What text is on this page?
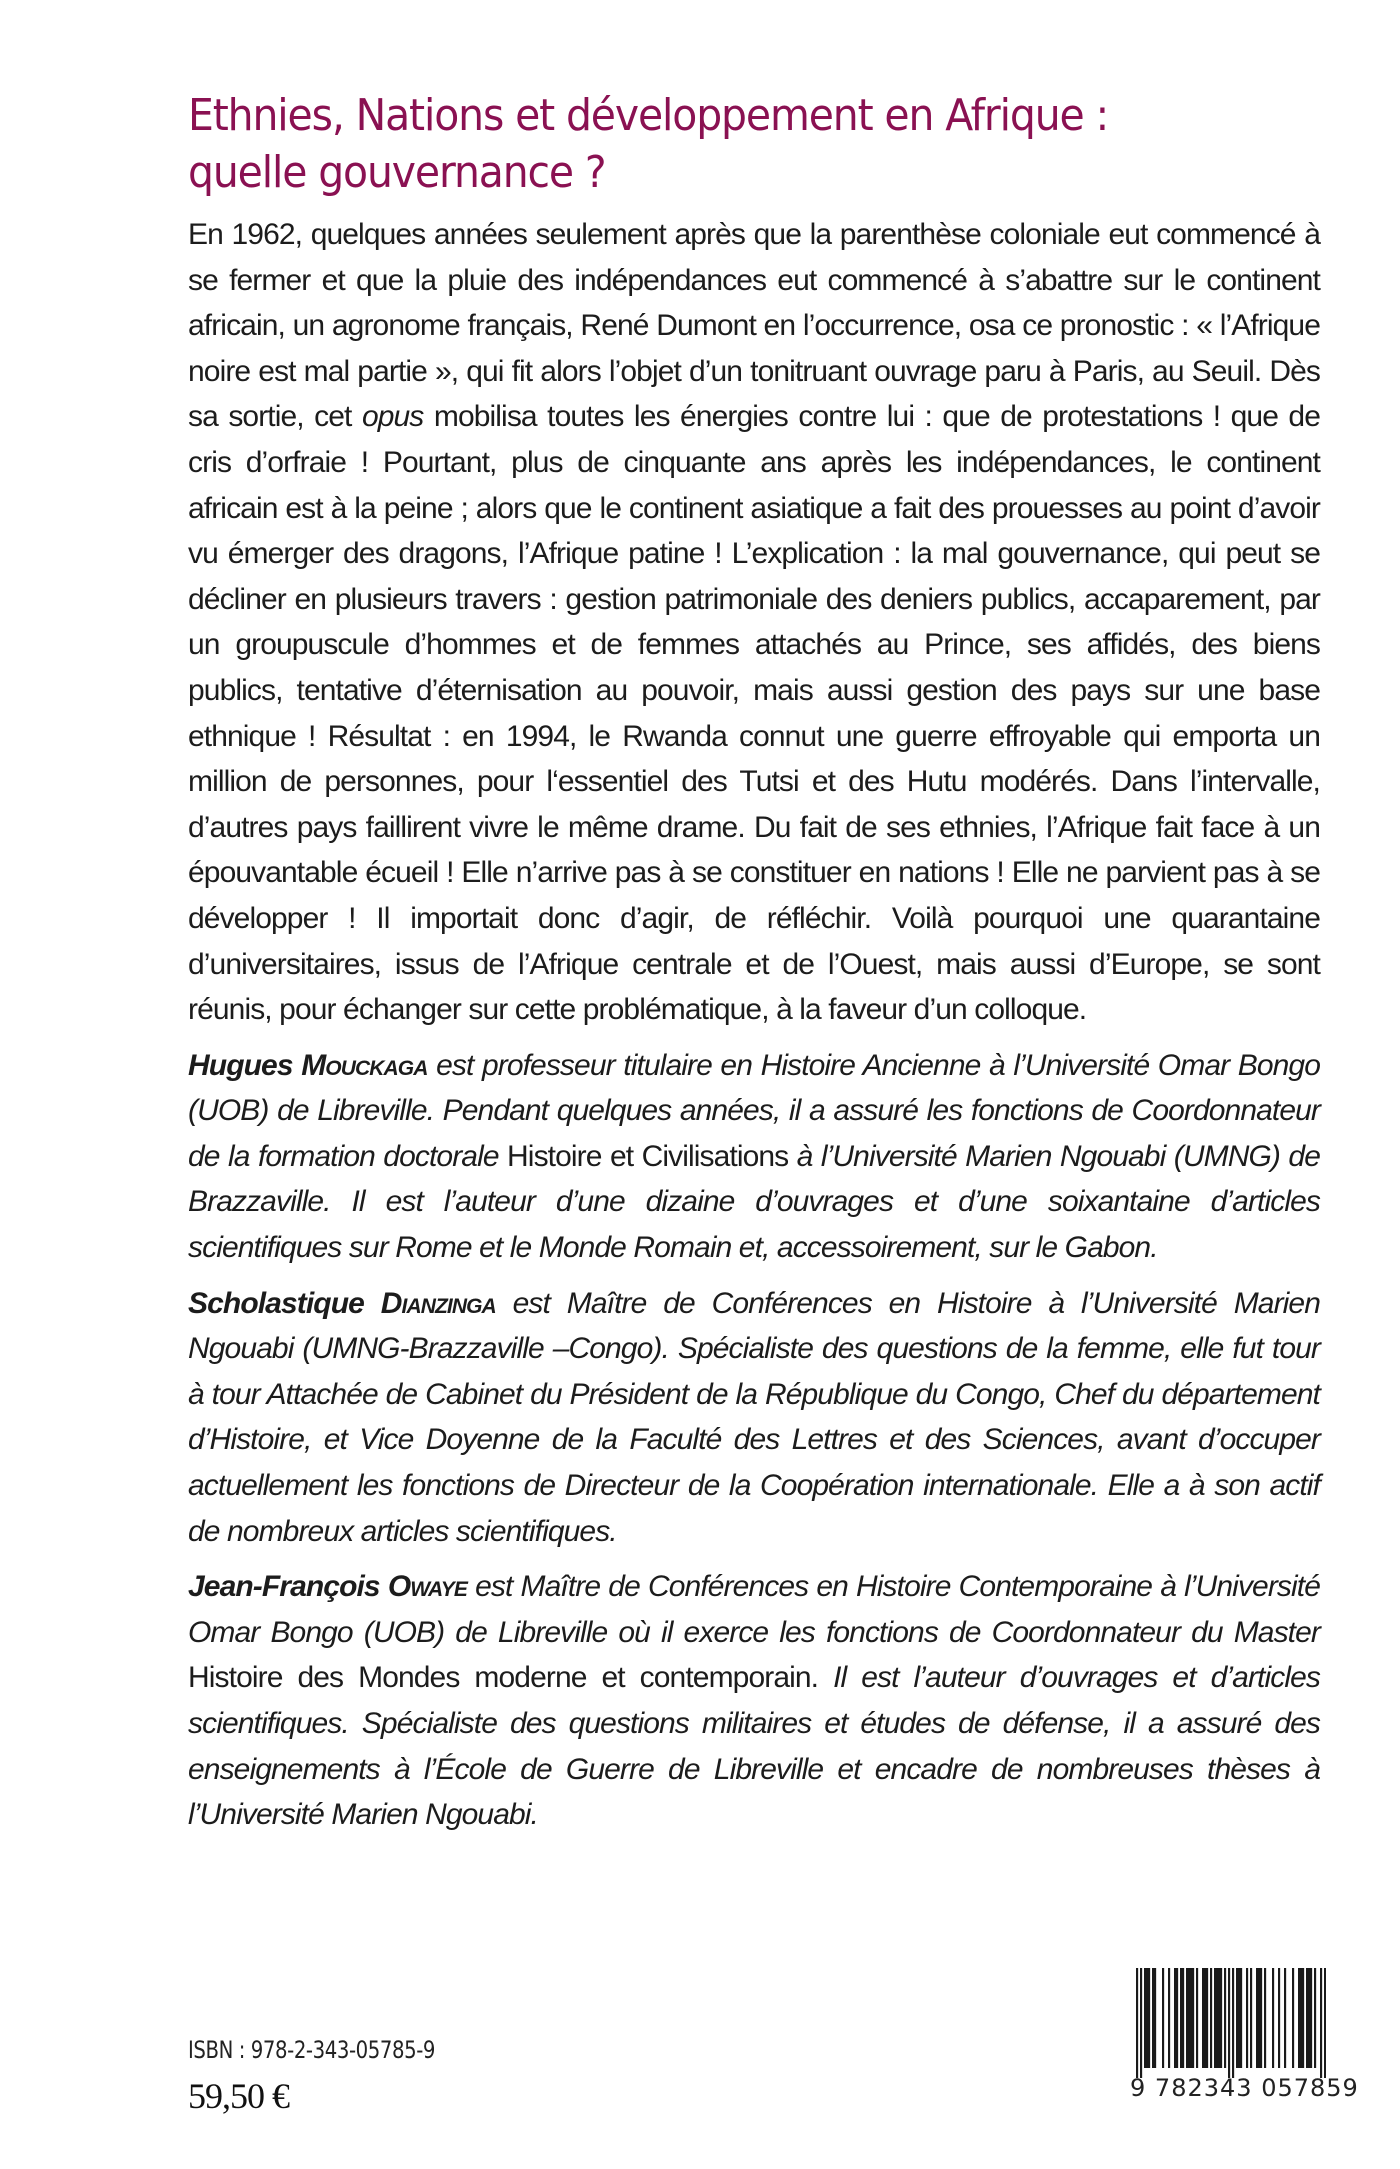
Ethnies, Nations et développement en Afrique :
quelle gouvernance ?

En 1962, quelques années seulement après que la parenthèse coloniale eut commencé à se fermer et que la pluie des indépendances eut commencé à s’abattre sur le continent africain, un agronome français, René Dumont en l’occurrence, osa ce pronostic : « l’Afrique noire est mal partie », qui fit alors l’objet d’un tonitruant ouvrage paru à Paris, au Seuil. Dès sa sortie, cet opus mobilisa toutes les énergies contre lui : que de protestations ! que de cris d’orfraie ! Pourtant, plus de cinquante ans après les indépendances, le continent africain est à la peine ; alors que le continent asiatique a fait des prouesses au point d’avoir vu émerger des dragons, l’Afrique patine ! L’explication : la mal gouvernance, qui peut se décliner en plusieurs travers : gestion patrimoniale des deniers publics, accaparement, par un groupuscule d’hommes et de femmes attachés au Prince, ses affidés, des biens publics, tentative d’éternisation au pouvoir, mais aussi gestion des pays sur une base ethnique ! Résultat : en 1994, le Rwanda connut une guerre effroyable qui emporta un million de personnes, pour l‘essentiel des Tutsi et des Hutu modérés. Dans l’intervalle, d’autres pays faillirent vivre le même drame. Du fait de ses ethnies, l’Afrique fait face à un épouvantable écueil ! Elle n’arrive pas à se constituer en nations ! Elle ne parvient pas à se développer ! Il importait donc d’agir, de réfléchir. Voilà pourquoi une quarantaine d’universitaires, issus de l’Afrique centrale et de l’Ouest, mais aussi d’Europe, se sont réunis, pour échanger sur cette problématique, à la faveur d’un colloque.

Hugues Mouckaga est professeur titulaire en Histoire Ancienne à l’Université Omar Bongo (UOB) de Libreville. Pendant quelques années, il a assuré les fonctions de Coordonnateur de la formation doctorale Histoire et Civilisations à l’Université Marien Ngouabi (UMNG) de Brazzaville. Il est l’auteur d’une dizaine d’ouvrages et d’une soixantaine d’articles scientifiques sur Rome et le Monde Romain et, accessoirement, sur le Gabon.

Scholastique Dianzinga est Maître de Conférences en Histoire à l’Université Marien Ngouabi (UMNG-Brazzaville –Congo). Spécialiste des questions de la femme, elle fut tour à tour Attachée de Cabinet du Président de la République du Congo, Chef du département d’Histoire, et Vice Doyenne de la Faculté des Lettres et des Sciences, avant d’occuper actuellement les fonctions de Directeur de la Coopération internationale. Elle a à son actif de nombreux articles scientifiques.

Jean-François Owaye est Maître de Conférences en Histoire Contemporaine à l’Université Omar Bongo (UOB) de Libreville où il exerce les fonctions de Coordonnateur du Master Histoire des Mondes moderne et contemporain. Il est l’auteur d’ouvrages et d’articles scientifiques. Spécialiste des questions militaires et études de défense, il a assuré des enseignements à l’École de Guerre de Libreville et encadre de nombreuses thèses à l’Université Marien Ngouabi.

ISBN : 978-2-343-05785-9
59,50 €	9 782343 057859
